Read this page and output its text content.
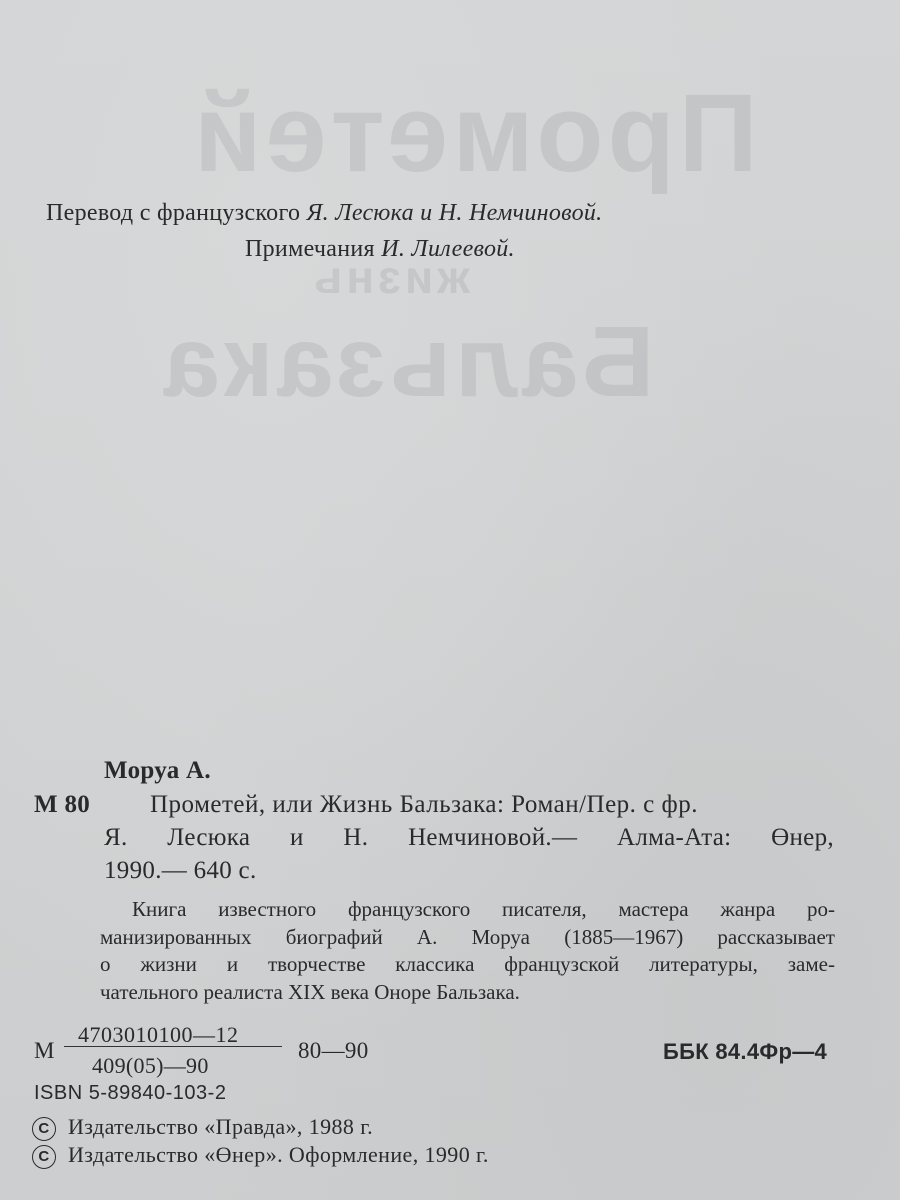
Прометей
жизнь
Бальзака
Перевод с французского Я. Лесюка и Н. Немчиновой.
Примечания И. Лилеевой.
Моруа А.
М 80 Прометей, или Жизнь Бальзака: Роман/Пер. с фр.
Я. Лесюка и Н. Немчиновой.— Алма-Ата: Өнер,
1990.— 640 с.
Книга известного французского писателя, мастера жанра ро-
манизированных биографий А. Моруа (1885—1967) рассказывает
о жизни и творчестве классика французской литературы, заме-
чательного реалиста XIX века Оноре Бальзака.
М
4703010100—12
409(05)—90
80—90	ББК 84.4Фр—4
ISBN 5-89840-103-2
C Издательство «Правда», 1988 г.
C Издательство «Өнер». Оформление, 1990 г.
